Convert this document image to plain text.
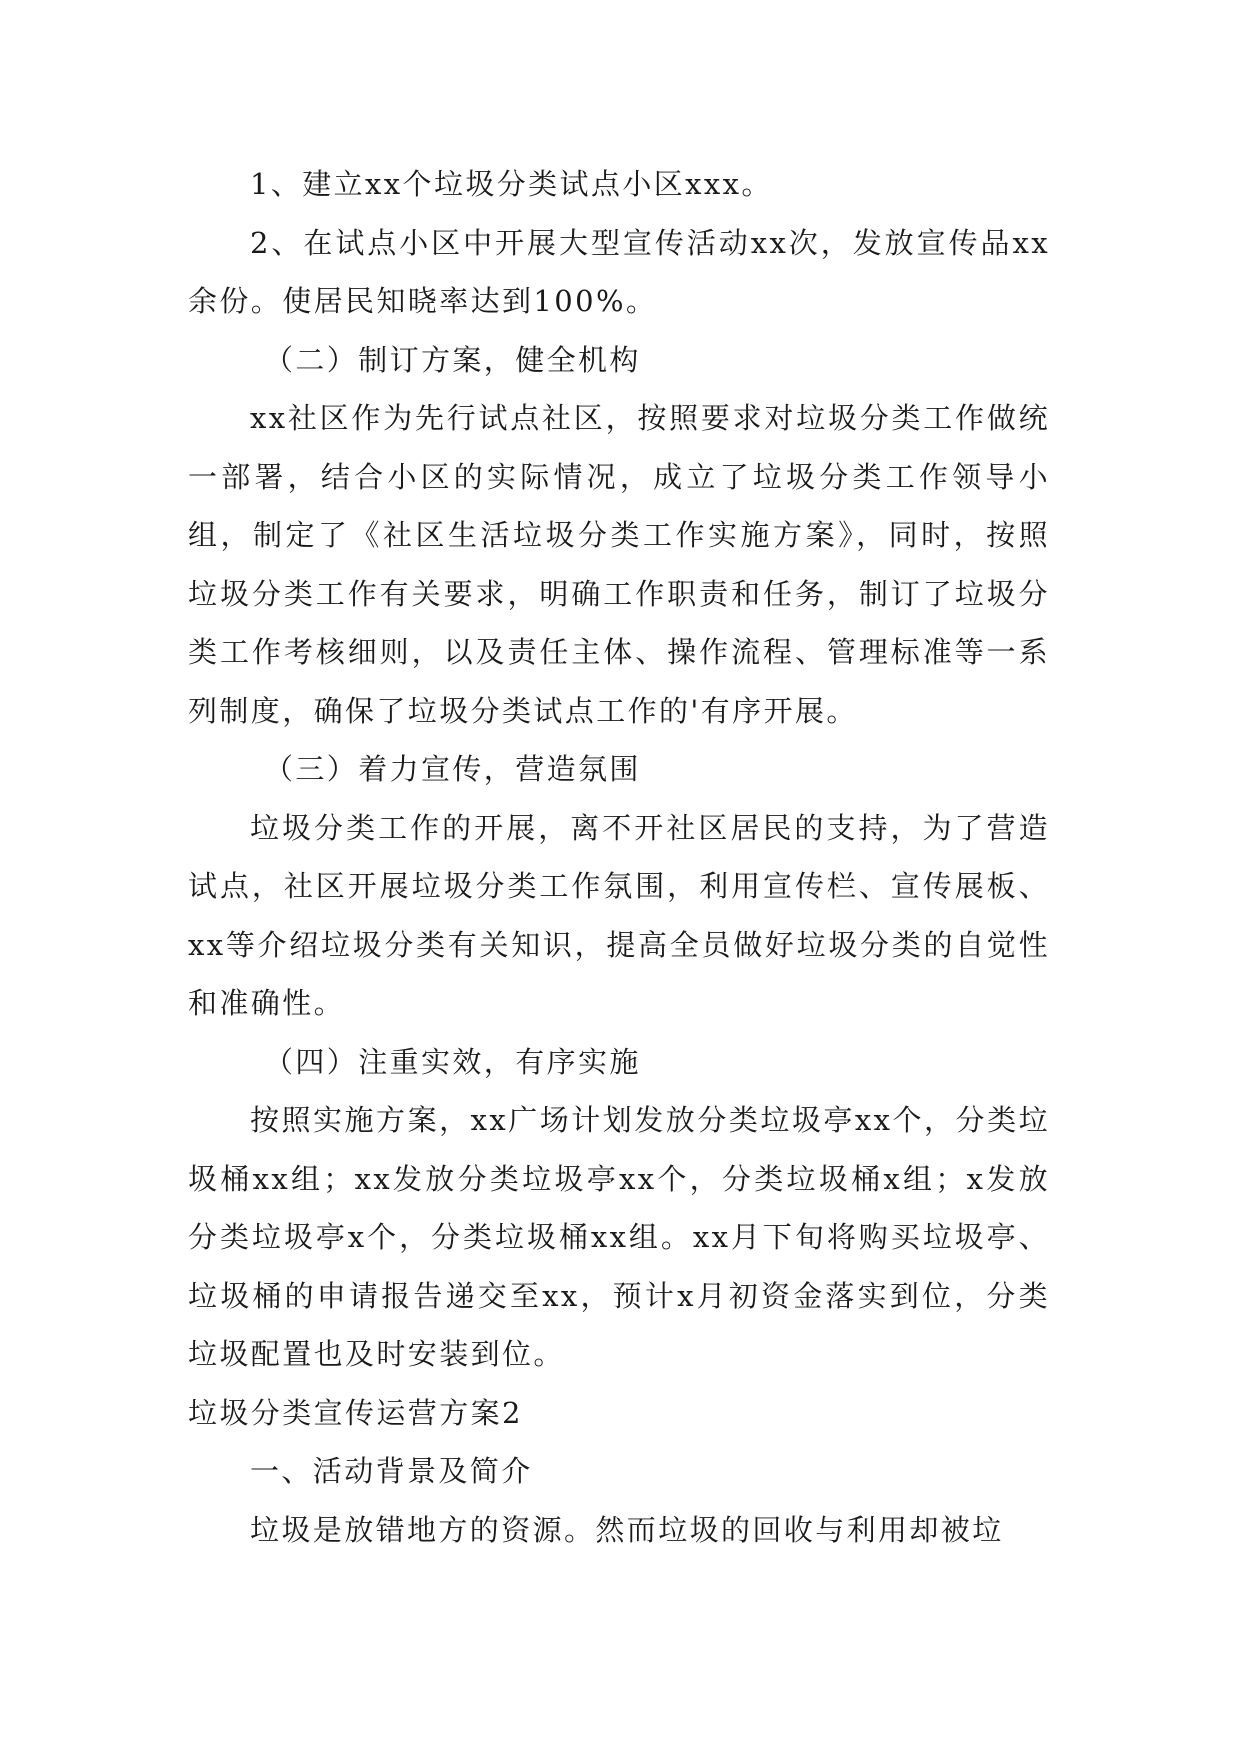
1、建立xx个垃圾分类试点小区xxx。

2、在试点小区中开展大型宣传活动xx次，发放宣传品xx余份。使居民知晓率达到100%。

（二）制订方案，健全机构

xx社区作为先行试点社区，按照要求对垃圾分类工作做统一部署，结合小区的实际情况，成立了垃圾分类工作领导小组，制定了《社区生活垃圾分类工作实施方案》，同时，按照垃圾分类工作有关要求，明确工作职责和任务，制订了垃圾分类工作考核细则，以及责任主体、操作流程、管理标准等一系列制度，确保了垃圾分类试点工作的'有序开展。

（三）着力宣传，营造氛围

垃圾分类工作的开展，离不开社区居民的支持，为了营造试点，社区开展垃圾分类工作氛围，利用宣传栏、宣传展板、xx等介绍垃圾分类有关知识，提高全员做好垃圾分类的自觉性和准确性。

（四）注重实效，有序实施

按照实施方案，xx广场计划发放分类垃圾亭xx个，分类垃圾桶xx组；xx发放分类垃圾亭xx个，分类垃圾桶x组；x发放分类垃圾亭x个，分类垃圾桶xx组。xx月下旬将购买垃圾亭、垃圾桶的申请报告递交至xx，预计x月初资金落实到位，分类垃圾配置也及时安装到位。

垃圾分类宣传运营方案2

一、活动背景及简介

垃圾是放错地方的资源。然而垃圾的回收与利用却被垃
